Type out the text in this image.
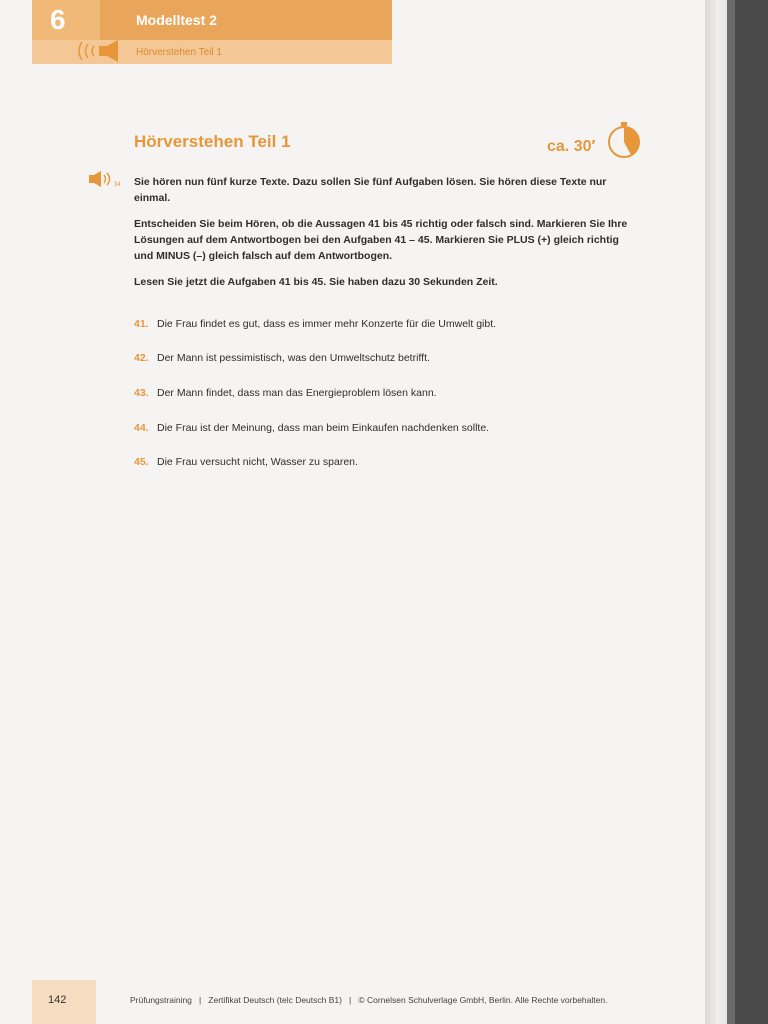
6	Modelltest 2
Hörverstehen Teil 1
Hörverstehen Teil 1	ca. 30′
34 Sie hören nun fünf kurze Texte. Dazu sollen Sie fünf Aufgaben lösen. Sie hören diese Texte nur einmal.
Entscheiden Sie beim Hören, ob die Aussagen 41 bis 45 richtig oder falsch sind. Markieren Sie Ihre Lösungen auf dem Antwortbogen bei den Aufgaben 41 – 45. Markieren Sie PLUS (+) gleich richtig und MINUS (–) gleich falsch auf dem Antwortbogen.
Lesen Sie jetzt die Aufgaben 41 bis 45. Sie haben dazu 30 Sekunden Zeit.
41. Die Frau findet es gut, dass es immer mehr Konzerte für die Umwelt gibt.
42. Der Mann ist pessimistisch, was den Umweltschutz betrifft.
43. Der Mann findet, dass man das Energieproblem lösen kann.
44. Die Frau ist der Meinung, dass man beim Einkaufen nachdenken sollte.
45. Die Frau versucht nicht, Wasser zu sparen.
142	Prüfungstraining   |   Zertifikat Deutsch (telc Deutsch B1)   |   © Cornelsen Schulverlage GmbH, Berlin. Alle Rechte vorbehalten.
